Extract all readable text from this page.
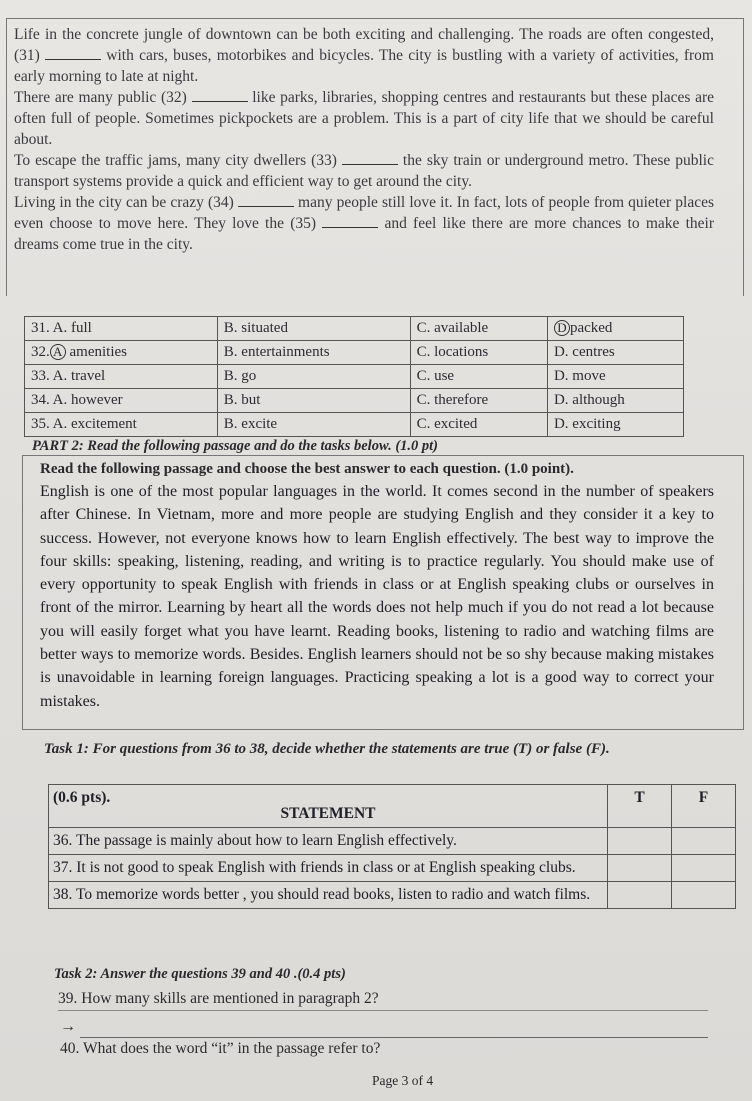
Life in the concrete jungle of downtown can be both exciting and challenging. The roads are often congested, (31)	with cars, buses, motorbikes and bicycles. The city is bustling with a variety of activities, from early morning to late at night.

There are many public (32)	like parks, libraries, shopping centres and restaurants but these places are often full of people. Sometimes pickpockets are a problem. This is a part of city life that we should be careful about.

To escape the traffic jams, many city dwellers (33)	the sky train or underground metro. These public transport systems provide a quick and efficient way to get around the city.

Living in the city can be crazy (34)	many people still love it. In fact, lots of people from quieter places even choose to move here. They love the (35)	and feel like there are more chances to make their dreams come true in the city.

31. A. full	B. situated	C. available	D packed
32. A amenities	B. entertainments	C. locations	D. centres
33. A. travel	B. go	C. use	D. move
34. A. however	B. but	C. therefore	D. although
35. A. excitement	B. excite	C. excited	D. exciting
PART 2: Read the following passage and do the tasks below. (1.0 pt)
Read the following passage and choose the best answer to each question. (1.0 point).
English is one of the most popular languages in the world. It comes second in the number of speakers after Chinese. In Vietnam, more and more people are studying English and they consider it a key to success. However, not everyone knows how to learn English effectively. The best way to improve the four skills: speaking, listening, reading, and writing is to practice regularly. You should make use of every opportunity to speak English with friends in class or at English speaking clubs or ourselves in front of the mirror. Learning by heart all the words does not help much if you do not read a lot because you will easily forget what you have learnt. Reading books, listening to radio and watching films are better ways to memorize words. Besides. English learners should not be so shy because making mistakes is unavoidable in learning foreign languages. Practicing speaking a lot is a good way to correct your mistakes.
Task 1: For questions from 36 to 38, decide whether the statements are true (T) or false (F).
(0.6 pts).
STATEMENT	T	F
36. The passage is mainly about how to learn English effectively.		
37. It is not good to speak English with friends in class or at English speaking clubs.		
38. To memorize words better , you should read books, listen to radio and watch films.		
Task 2: Answer the questions 39 and 40 .(0.4 pts)
39. How many skills are mentioned in paragraph 2?
→
40. What does the word “it” in the passage refer to?
Page 3 of 4
